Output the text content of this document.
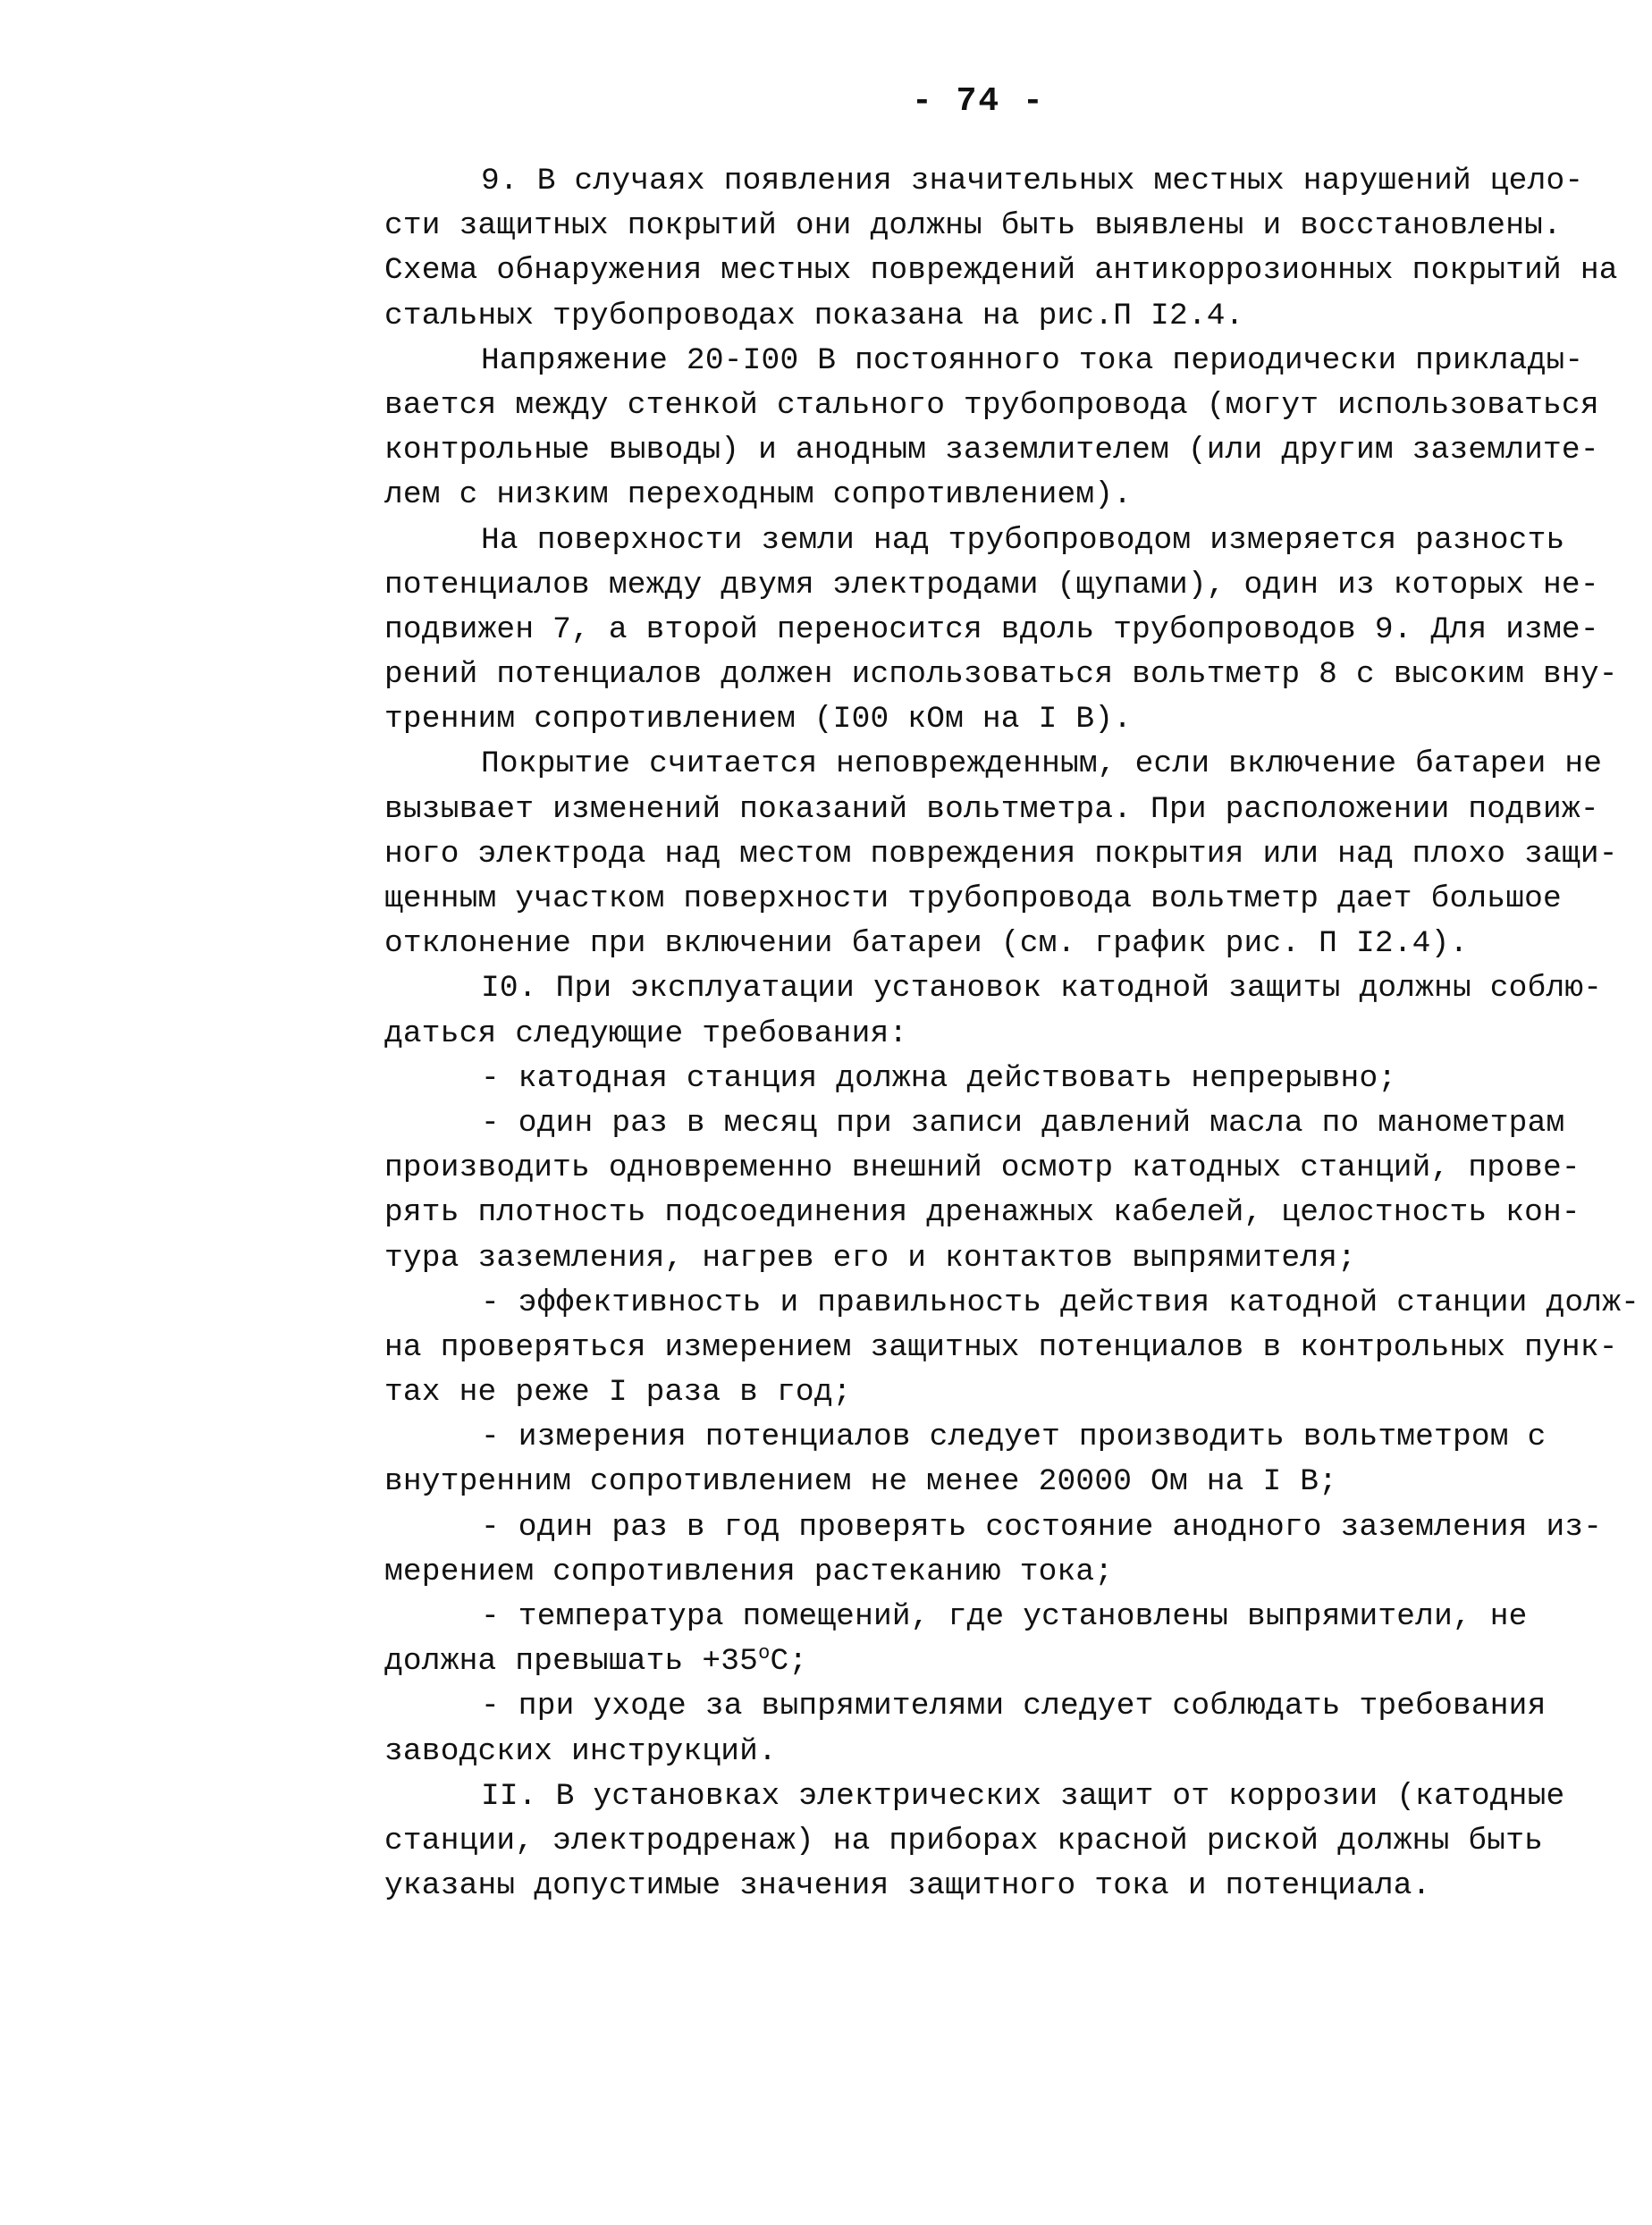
- 74 -
9. В случаях появления значительных местных нарушений цело-
сти защитных покрытий они должны быть выявлены и восстановлены.
Схема обнаружения местных повреждений антикоррозионных покрытий на
стальных трубопроводах показана на рис.П I2.4.
Напряжение 20-I00 В постоянного тока периодически приклады-
вается между стенкой стального трубопровода (могут использоваться
контрольные выводы) и анодным заземлителем (или другим заземлите-
лем с низким переходным сопротивлением).
На поверхности земли над трубопроводом измеряется разность
потенциалов между двумя электродами (щупами), один из которых не-
подвижен 7, а второй переносится вдоль трубопроводов 9. Для изме-
рений потенциалов должен использоваться вольтметр 8 с высоким вну-
тренним сопротивлением (I00 кОм на I В).
Покрытие считается неповрежденным, если включение батареи не
вызывает изменений показаний вольтметра. При расположении подвиж-
ного электрода над местом повреждения покрытия или над плохо защи-
щенным участком поверхности трубопровода вольтметр дает большое
отклонение при включении батареи (см. график рис. П I2.4).
I0. При эксплуатации установок катодной защиты должны соблю-
даться следующие требования:
- катодная станция должна действовать непрерывно;
- один раз в месяц при записи давлений масла по манометрам
производить одновременно внешний осмотр катодных станций, прове-
рять плотность подсоединения дренажных кабелей, целостность кон-
тура заземления, нагрев его и контактов выпрямителя;
- эффективность и правильность действия катодной станции долж-
на проверяться измерением защитных потенциалов в контрольных пунк-
тах не реже I раза в год;
- измерения потенциалов следует производить вольтметром с
внутренним сопротивлением не менее 20000 Ом на I В;
- один раз в год проверять состояние анодного заземления из-
мерением сопротивления растеканию тока;
- температура помещений, где установлены выпрямители, не
должна превышать $+35^oС$;
- при уходе за выпрямителями следует соблюдать требования
заводских инструкций.
II. В установках электрических защит от коррозии (катодные
станции, электродренаж) на приборах красной риской должны быть
указаны допустимые значения защитного тока и потенциала.
